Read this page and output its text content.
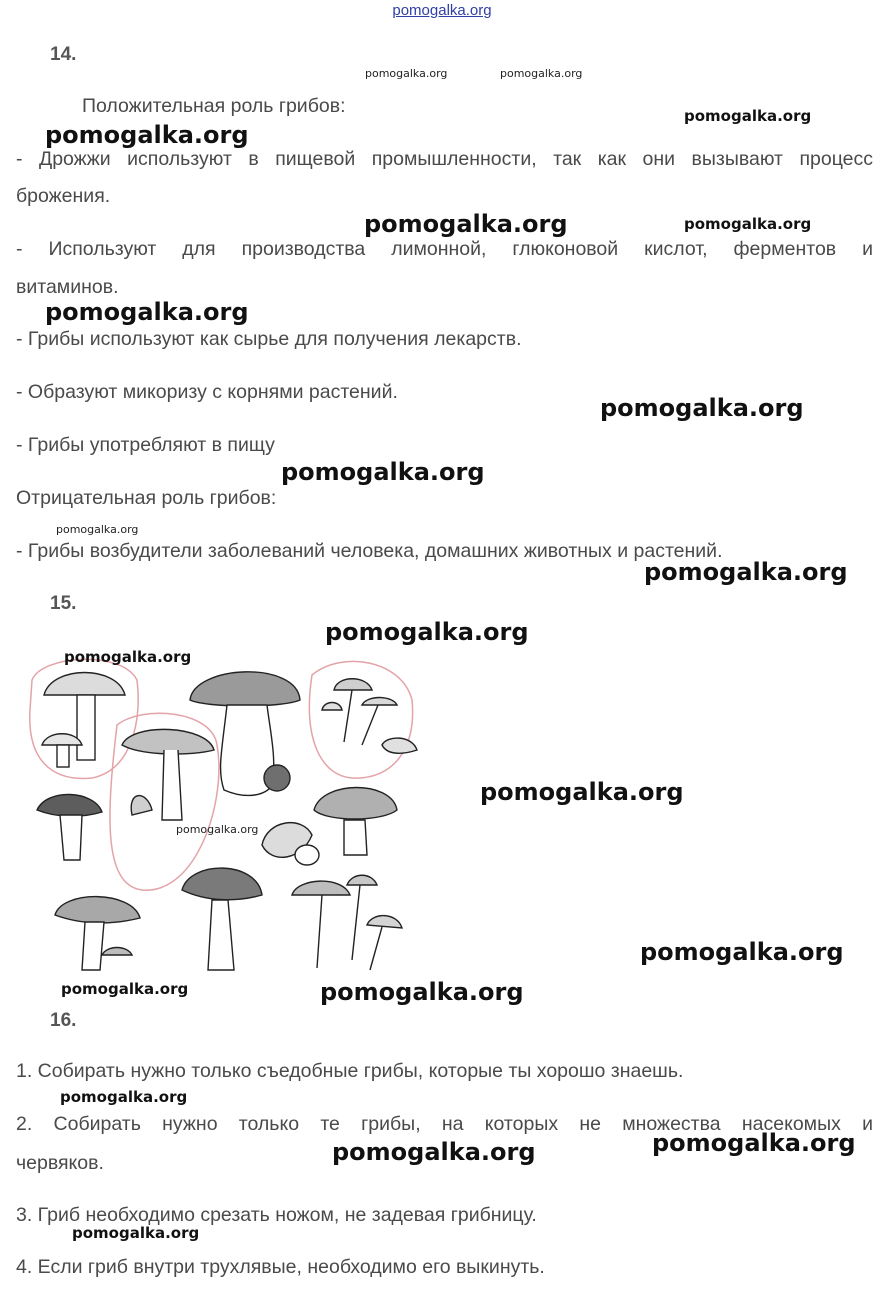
pomogalka.org
14.
Положительная роль грибов:
- Дрожжи используют в пищевой промышленности, так как они вызывают процесс
брожения.
- Используют для производства лимонной, глюконовой кислот, ферментов и
витаминов.
- Грибы используют как сырье для получения лекарств.
- Образуют микоризу с корнями растений.
- Грибы употребляют в пищу
Отрицательная роль грибов:
- Грибы возбудители заболеваний человека, домашних животных и растений.
15.
16.
1. Собирать нужно только съедобные грибы, которые ты хорошо знаешь.
2. Собирать нужно только те грибы, на которых не множества насекомых и
червяков.
3. Гриб необходимо срезать ножом, не задевая грибницу.
4. Если гриб внутри трухлявые, необходимо его выкинуть.
pomogalka.org	pomogalka.org
pomogalka.org
pomogalka.org
pomogalka.org	pomogalka.org
pomogalka.org
pomogalka.org
pomogalka.org
pomogalka.org
pomogalka.org
pomogalka.org
pomogalka.org
pomogalka.org
pomogalka.org
pomogalka.org
pomogalka.org	pomogalka.org
pomogalka.org
pomogalka.org
pomogalka.org
pomogalka.org
